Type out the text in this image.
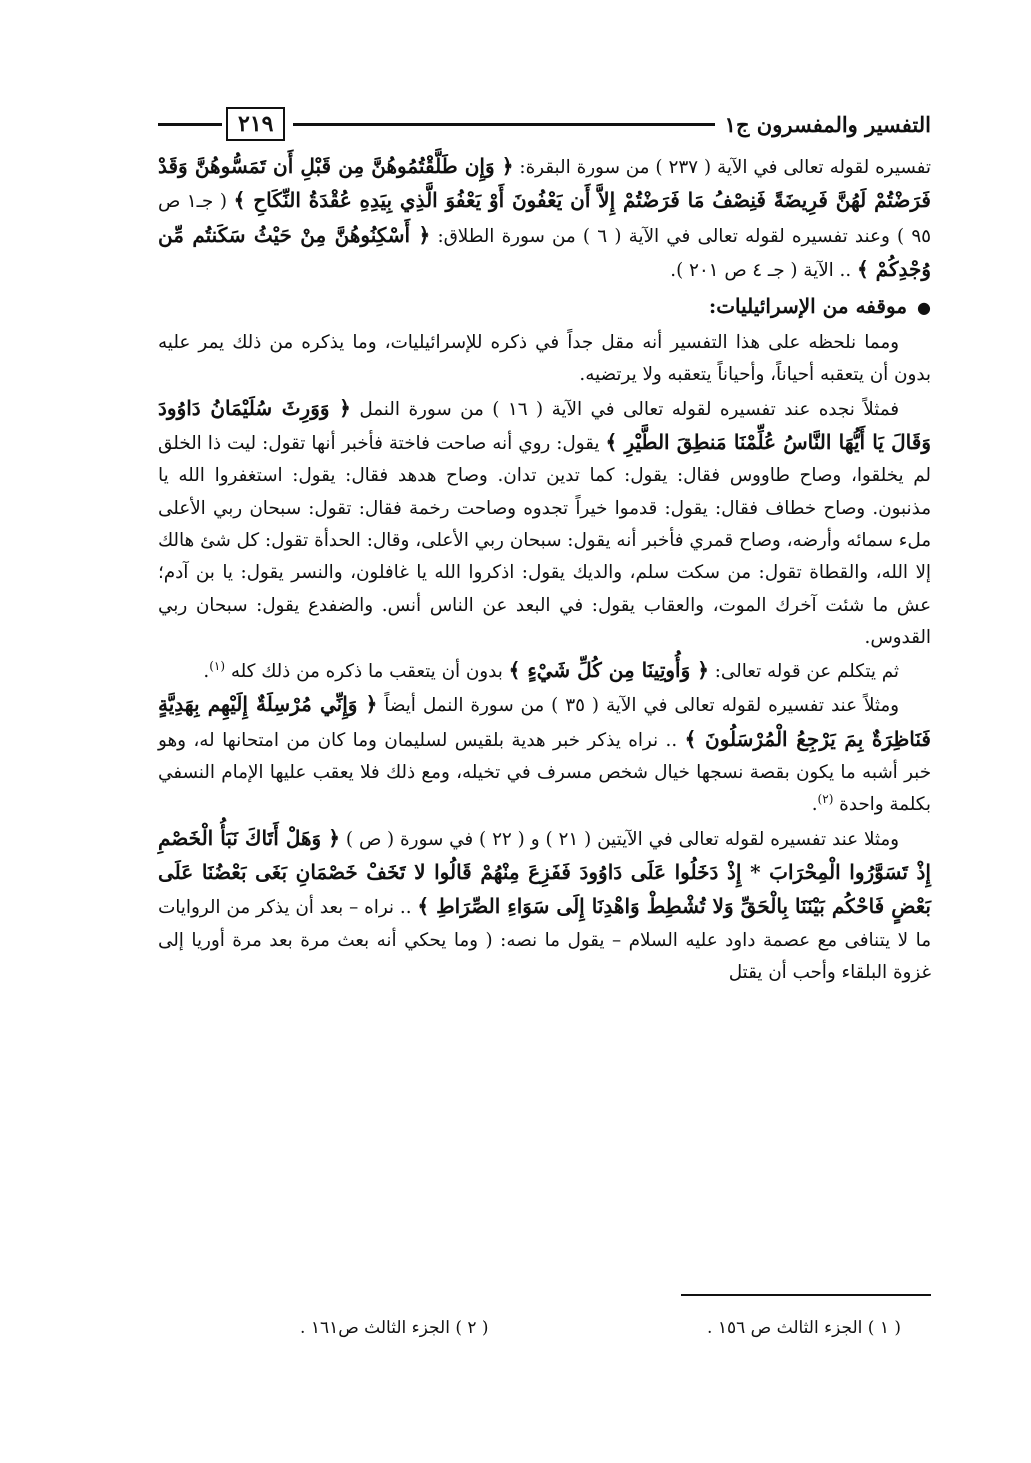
التفسير والمفسرون ج١
٢١٩

تفسيره لقوله تعالى في الآية ( ٢٣٧ ) من سورة البقرة: ﴿ وَإِن طَلَّقْتُمُوهُنَّ مِن قَبْلِ أَن تَمَسُّوهُنَّ وَقَدْ فَرَضْتُمْ لَهُنَّ فَرِيضَةً فَنِصْفُ مَا فَرَضْتُمْ إِلاَّ أَن يَعْفُونَ أَوْ يَعْفُوَ الَّذِي بِيَدِهِ عُقْدَةُ النِّكَاحِ ﴾ ( جـ١ ص ٩٥ ) وعند تفسيره لقوله تعالى في الآية ( ٦ ) من سورة الطلاق: ﴿ أَسْكِنُوهُنَّ مِنْ حَيْثُ سَكَنتُم مِّن وُجْدِكُمْ ﴾ .. الآية ( جـ ٤ ص ٢٠١ ).

●موقفه من الإسرائيليات:

ومما نلحظه على هذا التفسير أنه مقل جداً في ذكره للإسرائيليات، وما يذكره من ذلك يمر عليه بدون أن يتعقبه أحياناً، وأحياناً يتعقبه ولا يرتضيه.

فمثلاً نجده عند تفسيره لقوله تعالى في الآية ( ١٦ ) من سورة النمل ﴿ وَوَرِثَ سُلَيْمَانُ دَاوُودَ وَقَالَ يَا أَيُّهَا النَّاسُ عُلِّمْنَا مَنطِقَ الطَّيْرِ ﴾ يقول: روي أنه صاحت فاختة فأخبر أنها تقول: ليت ذا الخلق لم يخلقوا، وصاح طاووس فقال: يقول: كما تدين تدان. وصاح هدهد فقال: يقول: استغفروا الله يا مذنبون. وصاح خطاف فقال: يقول: قدموا خيراً تجدوه وصاحت رخمة فقال: تقول: سبحان ربي الأعلى ملء سمائه وأرضه، وصاح قمري فأخبر أنه يقول: سبحان ربي الأعلى، وقال: الحدأة تقول: كل شئ هالك إلا الله، والقطاة تقول: من سكت سلم، والديك يقول: اذكروا الله يا غافلون، والنسر يقول: يا بن آدم؛ عش ما شئت آخرك الموت، والعقاب يقول: في البعد عن الناس أنس. والضفدع يقول: سبحان ربي القدوس.

ثم يتكلم عن قوله تعالى: ﴿ وَأُوتِينَا مِن كُلِّ شَيْءٍ ﴾ بدون أن يتعقب ما ذكره من ذلك كله $^{(١)}$.

ومثلاً عند تفسيره لقوله تعالى في الآية ( ٣٥ ) من سورة النمل أيضاً ﴿ وَإِنِّي مُرْسِلَةٌ إِلَيْهِم بِهَدِيَّةٍ فَنَاظِرَةٌ بِمَ يَرْجِعُ الْمُرْسَلُونَ ﴾ .. نراه يذكر خبر هدية بلقيس لسليمان وما كان من امتحانها له، وهو خبر أشبه ما يكون بقصة نسجها خيال شخص مسرف في تخيله، ومع ذلك فلا يعقب عليها الإمام النسفي بكلمة واحدة $^{(٢)}$.

ومثلا عند تفسيره لقوله تعالى في الآيتين ( ٢١ ) و ( ٢٢ ) في سورة ( ص ) ﴿ وَهَلْ أَتَاكَ نَبَأُ الْخَصْمِ إِذْ تَسَوَّرُوا الْمِحْرَابَ * إِذْ دَخَلُوا عَلَى دَاوُودَ فَفَزِعَ مِنْهُمْ قَالُوا لا تَخَفْ خَصْمَانِ بَغَى بَعْضُنَا عَلَى بَعْضٍ فَاحْكُم بَيْنَنَا بِالْحَقِّ وَلا تُشْطِطْ وَاهْدِنَا إِلَى سَوَاءِ الصِّرَاطِ ﴾ .. نراه – بعد أن يذكر من الروايات ما لا يتنافى مع عصمة داود عليه السلام – يقول ما نصه: ( وما يحكي أنه بعث مرة بعد مرة أوريا إلى غزوة البلقاء وأحب أن يقتل

( ١ ) الجزء الثالث ص ١٥٦ .
( ٢ ) الجزء الثالث ص١٦١ .
